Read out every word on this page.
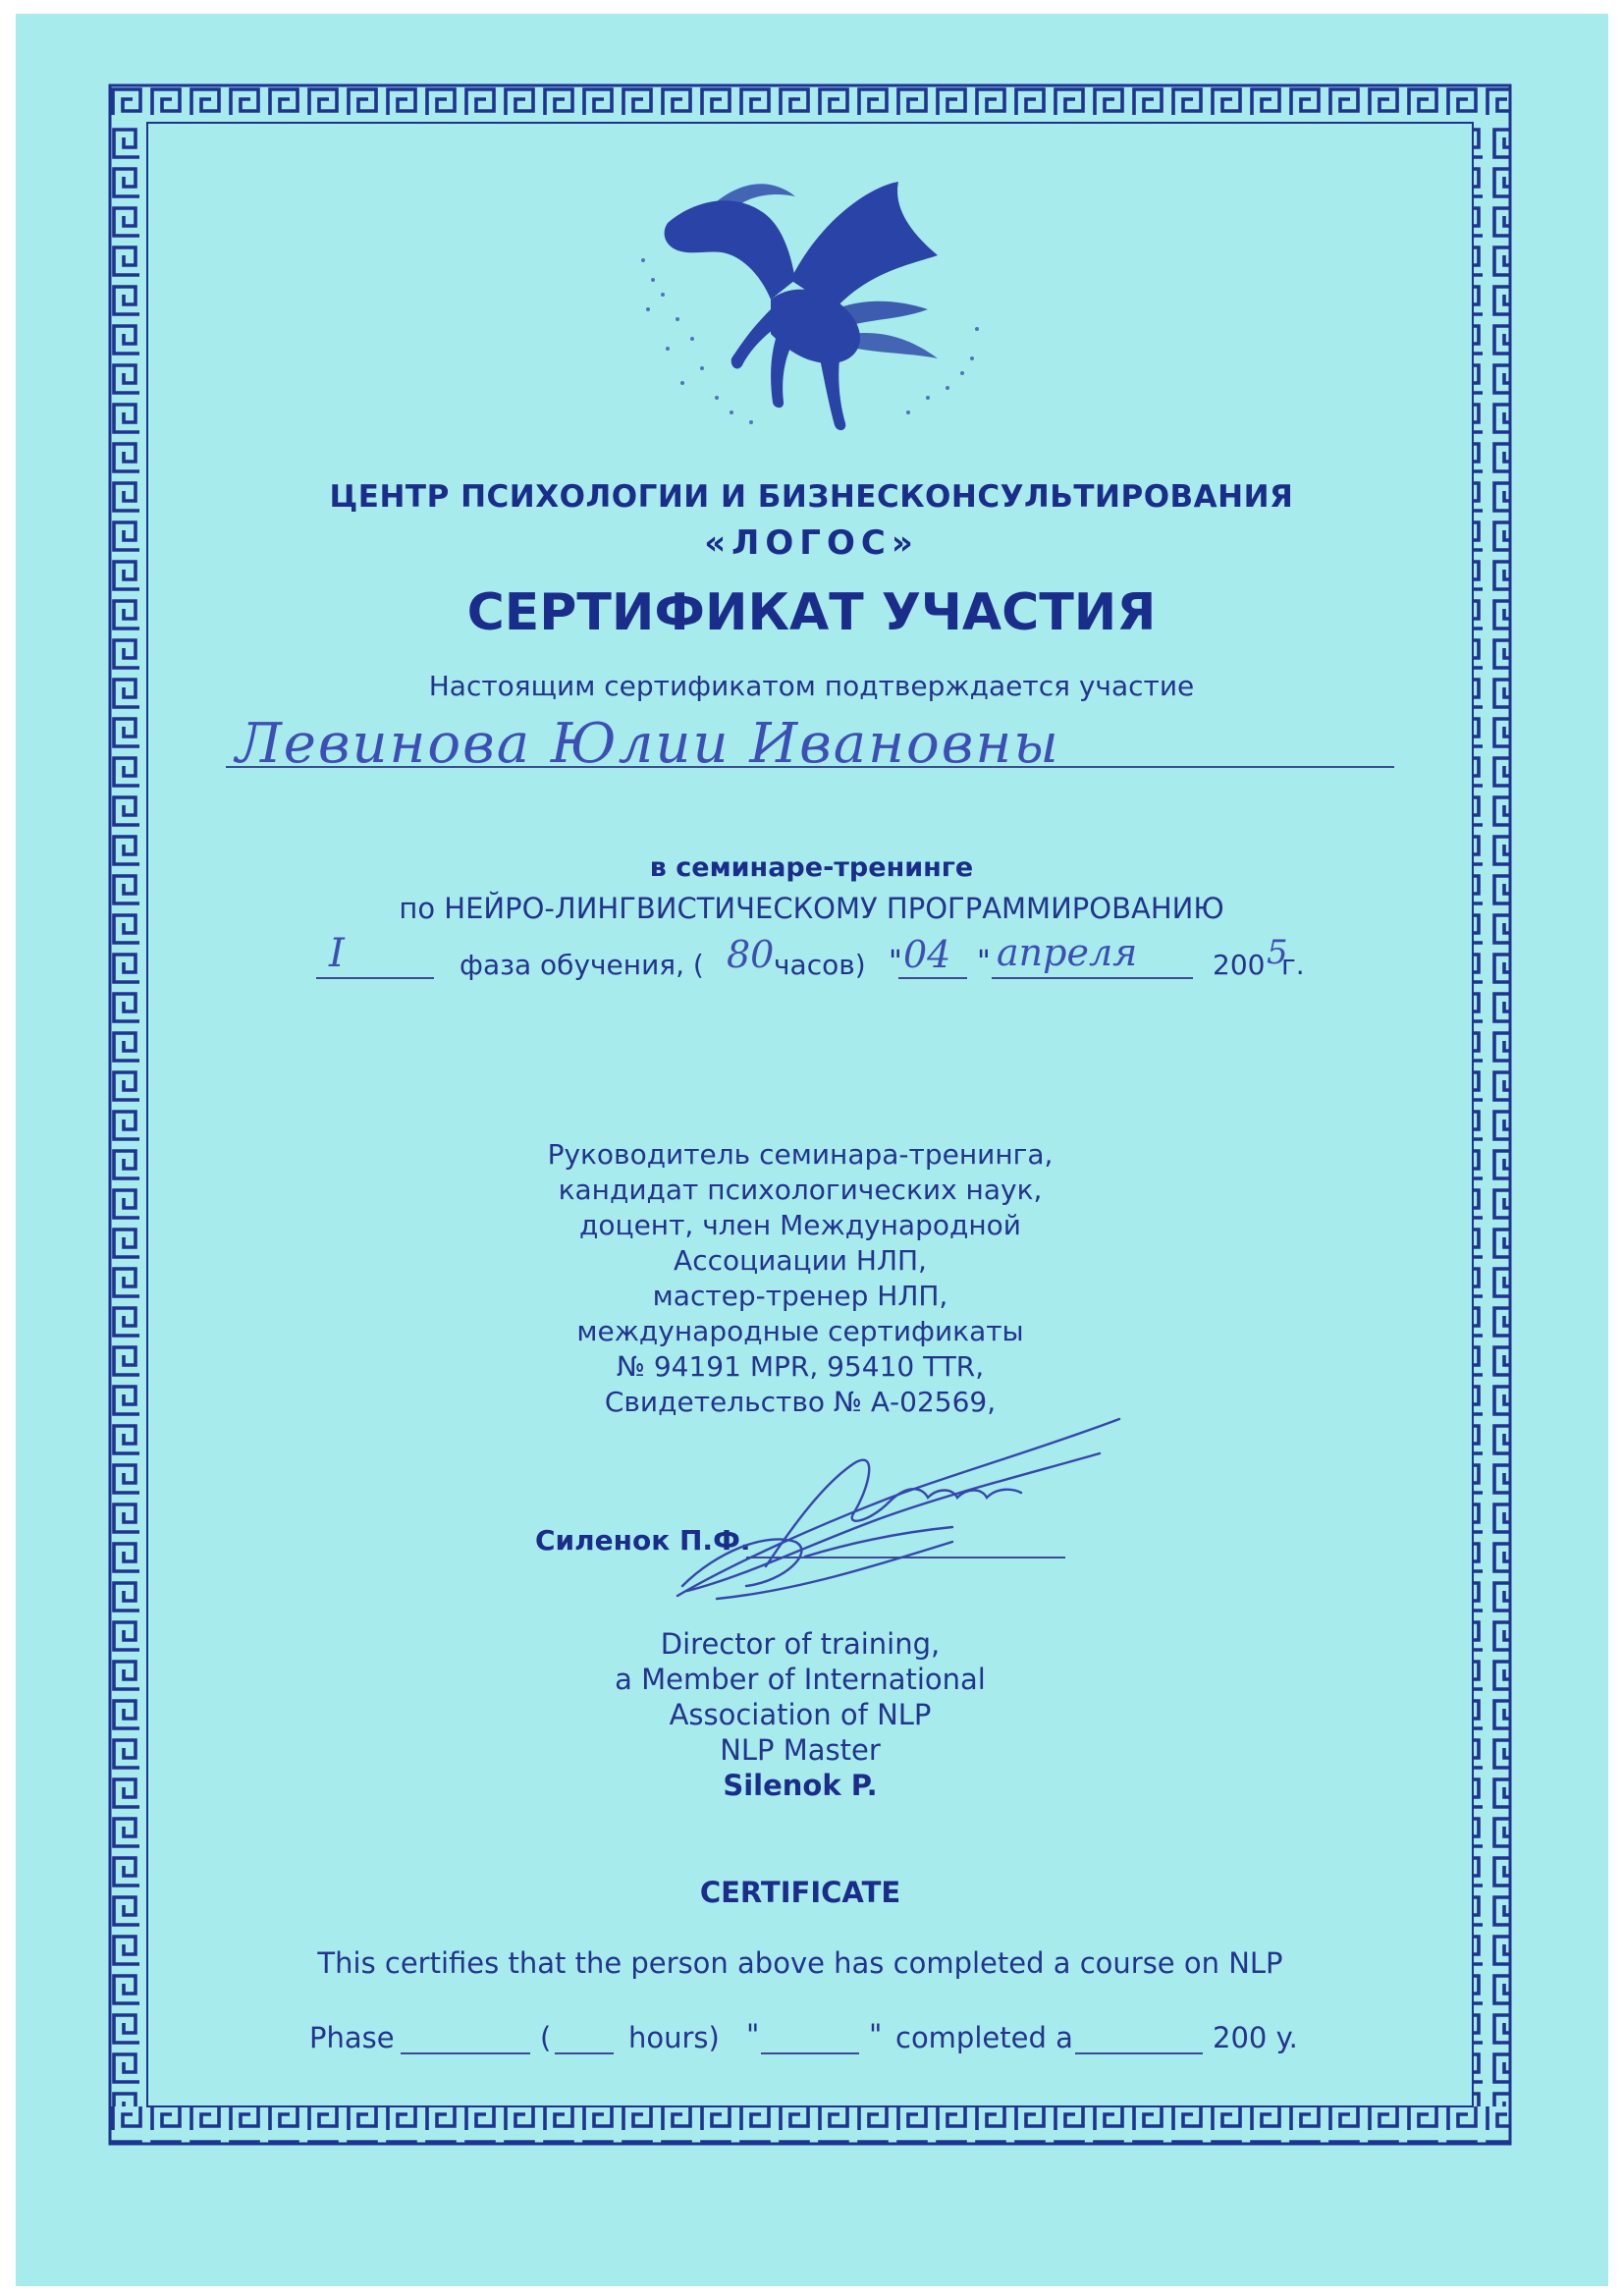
ЦЕНТР ПСИХОЛОГИИ И БИЗНЕСКОНСУЛЬТИРОВАНИЯ
«ЛОГОС»
СЕРТИФИКАТ УЧАСТИЯ
Настоящим сертификатом подтверждается участие
Левинова Юлии Ивановны
в семинаре-тренинге
по НЕЙРО-ЛИНГВИСТИЧЕСКОМУ ПРОГРАММИРОВАНИЮ
I	фаза обучения, ( 80 часов) " 04 " апреля	200 5
г.
Руководитель семинара-тренинга,
кандидат психологических наук,
доцент, член Международной
Ассоциации НЛП,
мастер-тренер НЛП,
международные сертификаты
№ 94191 MPR, 95410 TTR,
Свидетельство № А-02569,
Силенок П.Ф.
Director of training,
a Member of International
Association of NLP
NLP Master
Silenok P.
CERTIFICATE
This certifies that the person above has completed a course on NLP
Phase	(	hours) "	" completed a	200 y.
